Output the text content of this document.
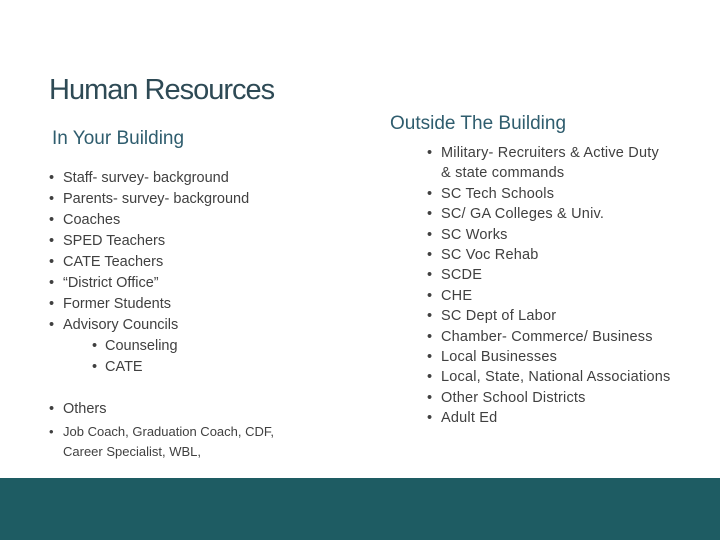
Human Resources
In Your Building
• Staff- survey- background
• Parents- survey- background
• Coaches
• SPED Teachers
• CATE Teachers
• “District Office”
• Former Students
• Advisory Councils
• Counseling
• CATE
• Others
• Job Coach, Graduation Coach, CDF, Career Specialist, WBL,
Outside The Building
• Military- Recruiters & Active Duty & state commands
• SC Tech Schools
• SC/ GA Colleges & Univ.
• SC Works
• SC Voc Rehab
• SCDE
• CHE
• SC Dept of Labor
• Chamber- Commerce/ Business
• Local Businesses
• Local, State, National Associations
• Other School Districts
• Adult Ed
